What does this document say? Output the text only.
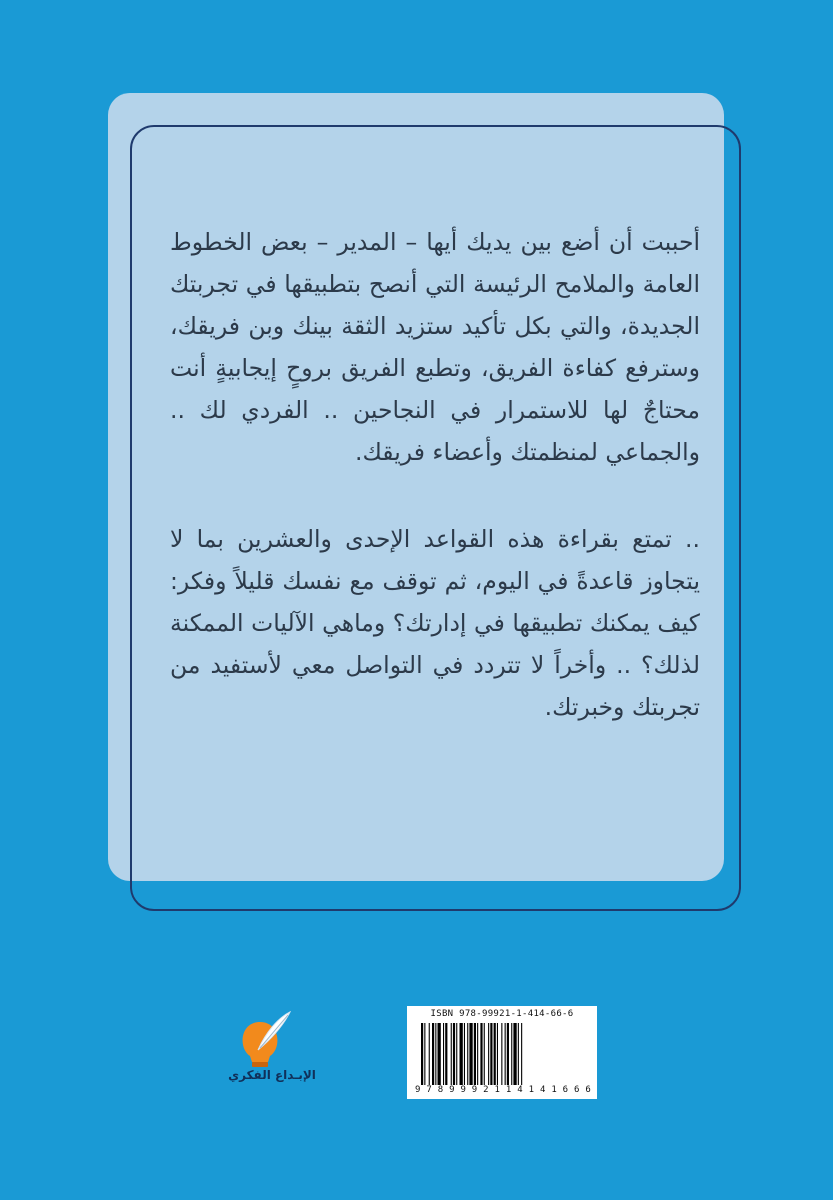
أحببت أن أضع بين يديك أيها – المدير – بعض الخطوط العامة والملامح الرئيسة التي أنصح بتطبيقها في تجربتك الجديدة، والتي بكل تأكيد ستزيد الثقة بينك وبن فريقك، وسترفع كفاءة الفريق، وتطبع الفريق بروحٍ إيجابيةٍ أنت محتاجٌ لها للاستمرار في النجاحين .. الفردي لك .. والجماعي لمنظمتك وأعضاء فريقك.

.. تمتع بقراءة هذه القواعد الإحدى والعشرين بما لا يتجاوز قاعدةً في اليوم، ثم توقف مع نفسك قليلاً وفكر: كيف يمكنك تطبيقها في إدارتك؟ وماهي الآليات الممكنة لذلك؟ .. وأخراً لا تتردد في التواصل معي لأستفيد من تجربتك وخبرتك.

الإبـداع الفكري
ISBN 978-99921-1-414-66-6
9 7 8 9 9 9 2 1 1 4 1 4 1 6 6 6
